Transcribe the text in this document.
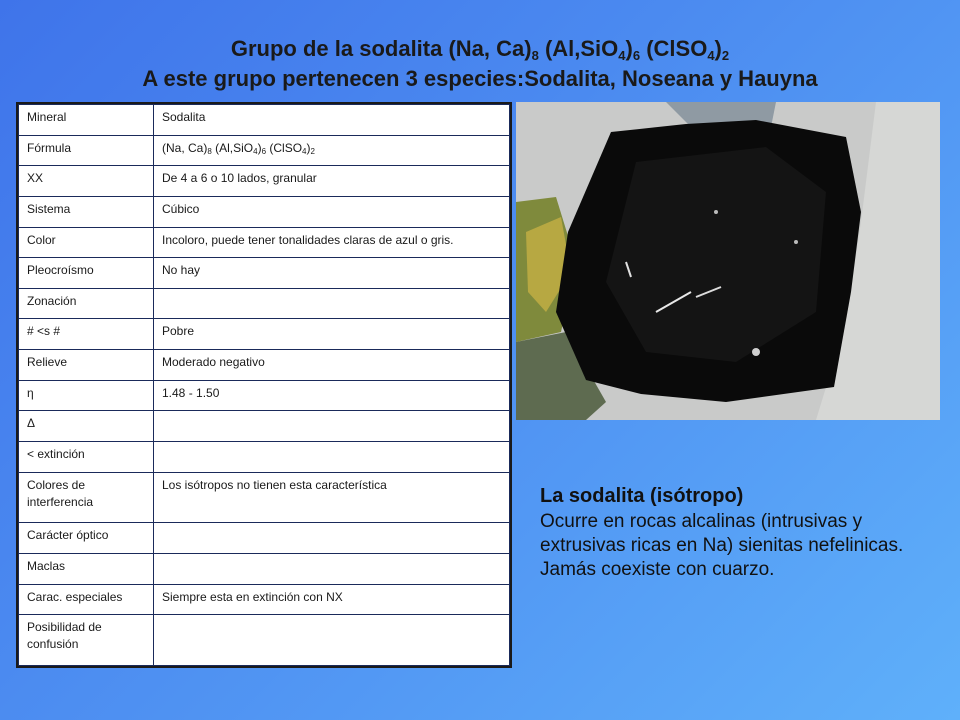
Grupo de la sodalita (Na, $Ca)_8$ $(Al,SiO_4)_6$ $(ClSO_4)_2$
A este grupo pertenecen 3 especies:Sodalita, Noseana y Hauyna
Mineral	Sodalita
Fórmula	(Na, $Ca)_8$ $(Al,SiO_4)_6$ $(ClSO_4)_2$
XX	De 4 a 6 o 10 lados, granular
Sistema	Cúbico
Color	Incoloro, puede tener tonalidades claras de azul o gris.
Pleocroísmo	No hay
Zonación	
# <s #	Pobre
Relieve	Moderado negativo
η	1.48 - 1.50
Δ	
< extinción	
Colores de interferencia	Los isótropos no tienen esta característica
Carácter óptico	
Maclas	
Carac. especiales	Siempre esta en extinción con NX
Posibilidad de confusión	
La sodalita (isótropo)
Ocurre en rocas alcalinas (intrusivas y extrusivas ricas en Na) sienitas nefelinicas. Jamás coexiste con cuarzo.
